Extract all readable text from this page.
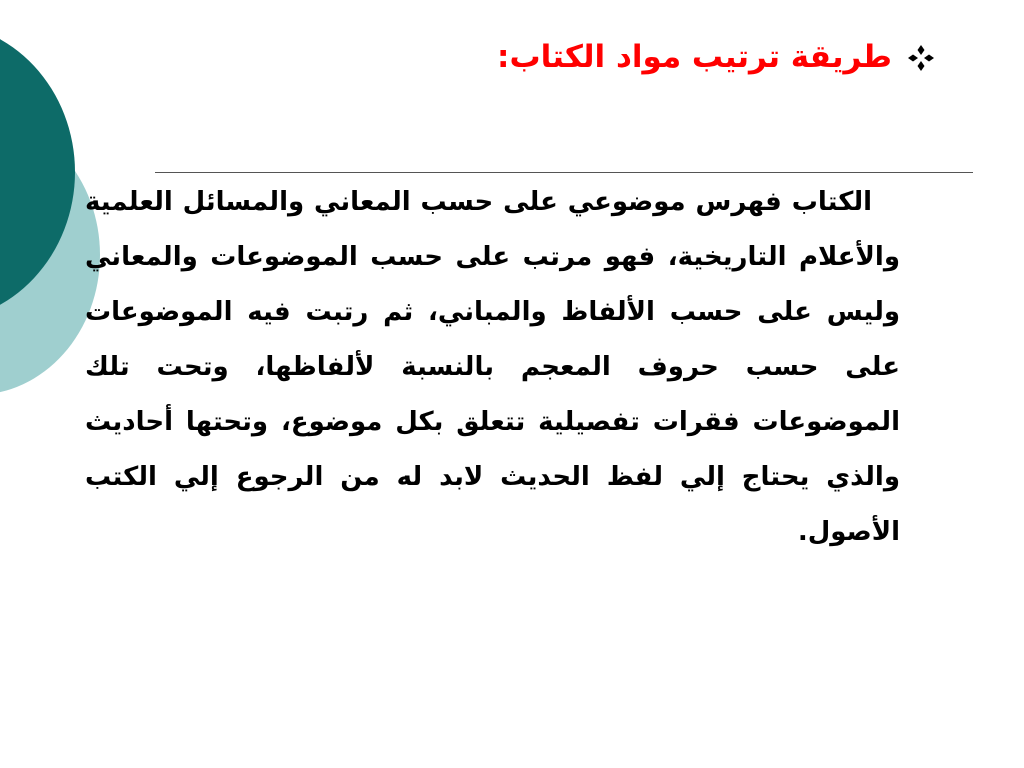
طريقة ترتيب مواد الكتاب:

الكتاب فهرس موضوعي على حسب المعاني والمسائل العلمية والأعلام التاريخية، فهو مرتب على حسب الموضوعات والمعاني وليس على حسب الألفاظ والمباني، ثم رتبت فيه الموضوعات على حسب حروف المعجم بالنسبة لألفاظها، وتحت تلك الموضوعات فقرات تفصيلية تتعلق بكل موضوع، وتحتها أحاديث والذي يحتاج إلي لفظ الحديث لابد له من الرجوع إلي الكتب الأصول.
